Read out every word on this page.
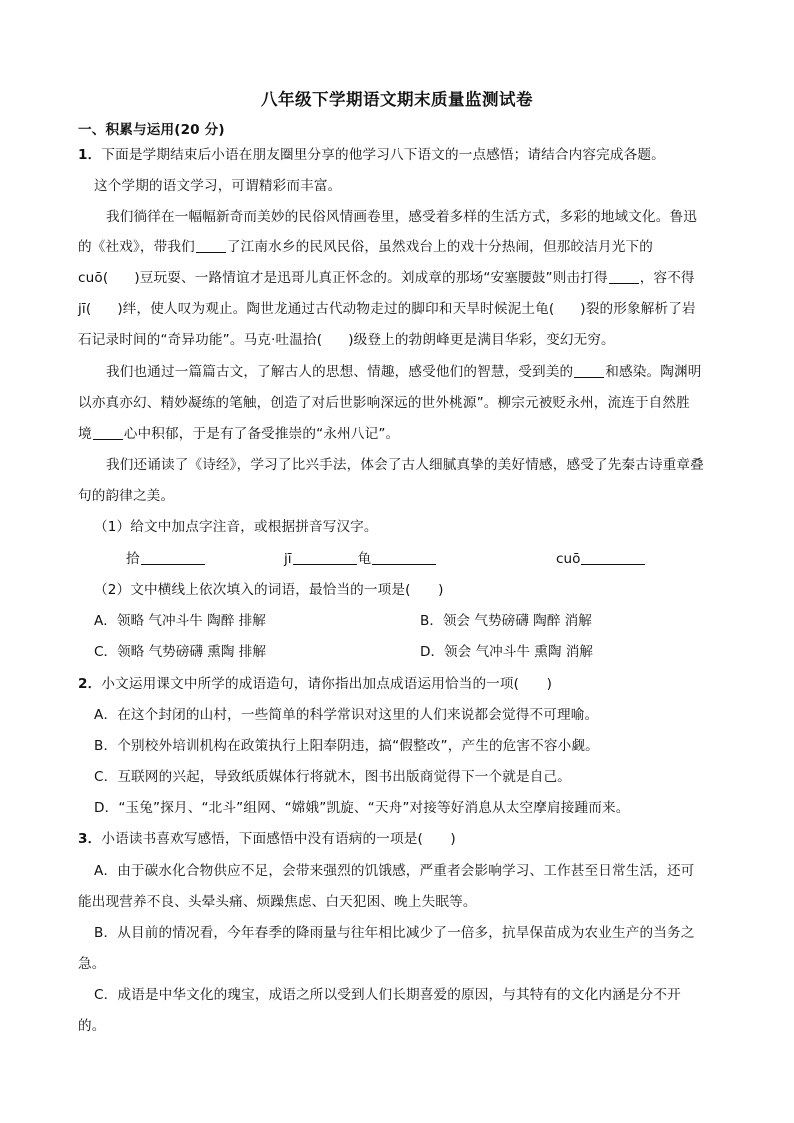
八年级下学期语文期末质量监测试卷
一、积累与运用(20 分)
1．下面是学期结束后小语在朋友圈里分享的他学习八下语文的一点感悟；请结合内容完成各题。
这个学期的语文学习，可谓精彩而丰富。
我们徜徉在一幅幅新奇而美妙的民俗风情画卷里，感受着多样的生活方式，多彩的地域文化。鲁迅
的《社戏》，带我们 了江南水乡的民风民俗，虽然戏台上的戏十分热闹，但那皎洁月光下的
cuō( )豆玩耍、一路情谊才是迅哥儿真正怀念的。刘成章的那场“安塞腰鼓”则击打得 ，容不得
jī( )绊，使人叹为观止。陶世龙通过古代动物走过的脚印和天旱时候泥土龟( )裂的形象解析了岩
石记录时间的“奇异功能”。马克·吐温拾( )级登上的勃朗峰更是满目华彩，变幻无穷。
我们也通过一篇篇古文，了解古人的思想、情趣，感受他们的智慧，受到美的 和感染。陶渊明
以亦真亦幻、精妙凝练的笔触，创造了对后世影响深远的世外桃源”。柳宗元被贬永州，流连于自然胜
境 心中积郁，于是有了备受推崇的“永州八记”。
我们还诵读了《诗经》，学习了比兴手法，体会了古人细腻真挚的美好情感，感受了先秦古诗重章叠
句的韵律之美。
（1）给文中加点字注音，或根据拼音写汉字。
拾	jī	龟	cuō
（2）文中横线上依次填入的词语，最恰当的一项是(　　)
A．领略 气冲斗牛 陶醉 排解	B．领会 气势磅礴 陶醉 消解
C．领略 气势磅礴 熏陶 排解	D．领会 气冲斗牛 熏陶 消解
2．小文运用课文中所学的成语造句，请你指出加点成语运用恰当的一项(　　)
A．在这个封闭的山村，一些简单的科学常识对这里的人们来说都会觉得不可理喻。
B．个别校外培训机构在政策执行上阳奉阴违，搞“假整改”，产生的危害不容小觑。
C．互联网的兴起，导致纸质媒体行将就木，图书出版商觉得下一个就是自己。
D．“玉兔”探月、“北斗”组网、“嫦娥”凯旋、“天舟”对接等好消息从太空摩肩接踵而来。
3．小语读书喜欢写感悟，下面感悟中没有语病的一项是(　　)
A．由于碳水化合物供应不足，会带来强烈的饥饿感，严重者会影响学习、工作甚至日常生活，还可
能出现营养不良、头晕头痛、烦躁焦虑、白天犯困、晚上失眠等。
B．从目前的情况看，今年春季的降雨量与往年相比减少了一倍多，抗旱保苗成为农业生产的当务之
急。
C．成语是中华文化的瑰宝，成语之所以受到人们长期喜爱的原因，与其特有的文化内涵是分不开
的。
